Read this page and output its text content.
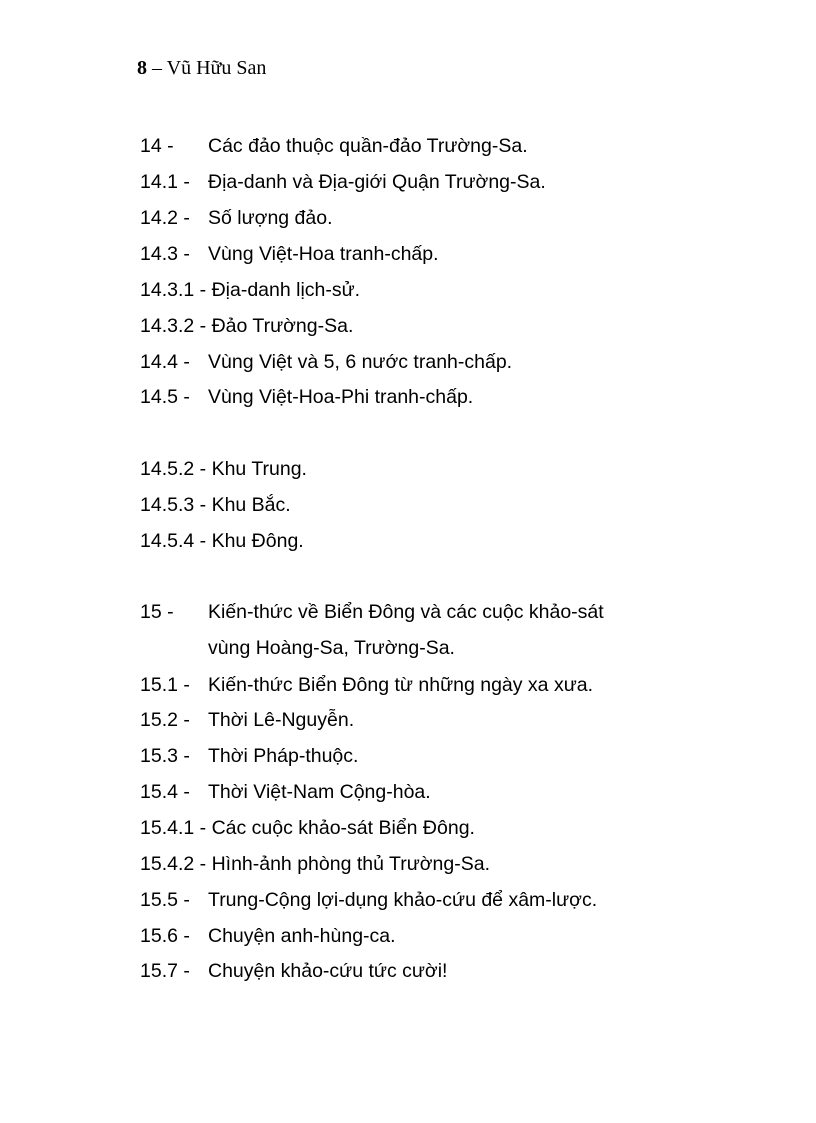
8 – Vũ Hữu San
14 - Các đảo thuộc quần-đảo Trường-Sa.
14.1 - Địa-danh và Địa-giới Quận Trường-Sa.
14.2 - Số lượng đảo.
14.3 - Vùng Việt-Hoa tranh-chấp.
14.3.1 - Địa-danh lịch-sử.
14.3.2 - Đảo Trường-Sa.
14.4 - Vùng Việt và 5, 6 nước tranh-chấp.
14.5 - Vùng Việt-Hoa-Phi tranh-chấp.
14.5.2 - Khu Trung.
14.5.3 - Khu Bắc.
14.5.4 - Khu Đông.
15 - Kiến-thức về Biển Đông và các cuộc khảo-sát
vùng Hoàng-Sa, Trường-Sa.
15.1 - Kiến-thức Biển Đông từ những ngày xa xưa.
15.2 - Thời Lê-Nguyễn.
15.3 - Thời Pháp-thuộc.
15.4 - Thời Việt-Nam Cộng-hòa.
15.4.1 - Các cuộc khảo-sát Biển Đông.
15.4.2 - Hình-ảnh phòng thủ Trường-Sa.
15.5 - Trung-Cộng lợi-dụng khảo-cứu để xâm-lược.
15.6 - Chuyện anh-hùng-ca.
15.7 - Chuyện khảo-cứu tức cười!
